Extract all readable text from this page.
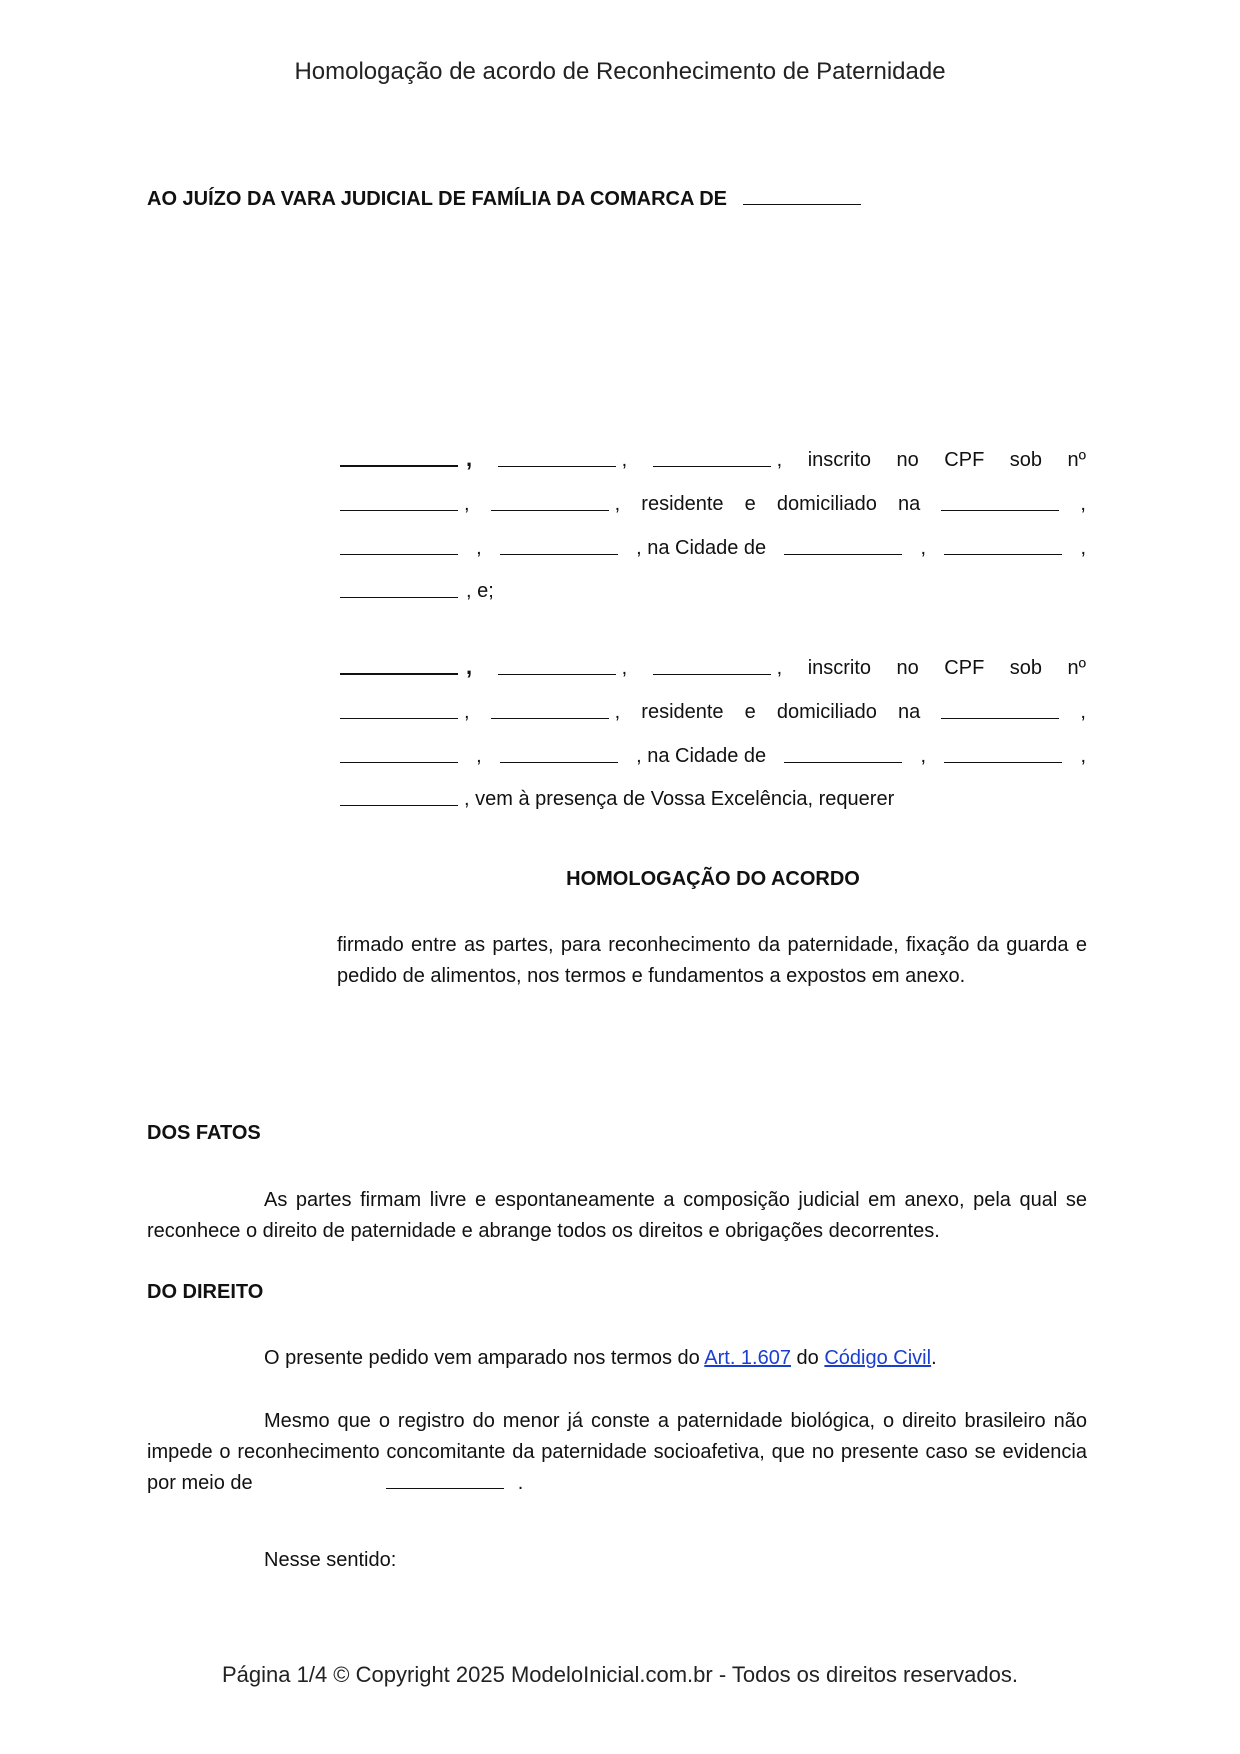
Homologação de acordo de Reconhecimento de Paternidade
AO JUÍZO DA VARA JUDICIAL DE FAMÍLIA DA COMARCA DE
,	,	, inscrito no CPF sob nº
,	, residente e domiciliado na	,
,	, na Cidade de	,	,
, e;
,	,	, inscrito no CPF sob nº
,	, residente e domiciliado na	,
,	, na Cidade de	,	,
, vem à presença de Vossa Excelência, requerer
HOMOLOGAÇÃO DO ACORDO
firmado entre as partes, para reconhecimento da paternidade, fixação da guarda e pedido de alimentos, nos termos e fundamentos a expostos em anexo.
DOS FATOS
As partes firmam livre e espontaneamente a composição judicial em anexo, pela qual se reconhece o direito de paternidade e abrange todos os direitos e obrigações decorrentes.
DO DIREITO
O presente pedido vem amparado nos termos do Art. 1.607 do Código Civil.
Mesmo que o registro do menor já conste a paternidade biológica, o direito brasileiro não impede o reconhecimento concomitante da paternidade socioafetiva, que no presente caso se evidencia por meio de	.
Nesse sentido:
Página 1/4 © Copyright 2025 ModeloInicial.com.br - Todos os direitos reservados.
